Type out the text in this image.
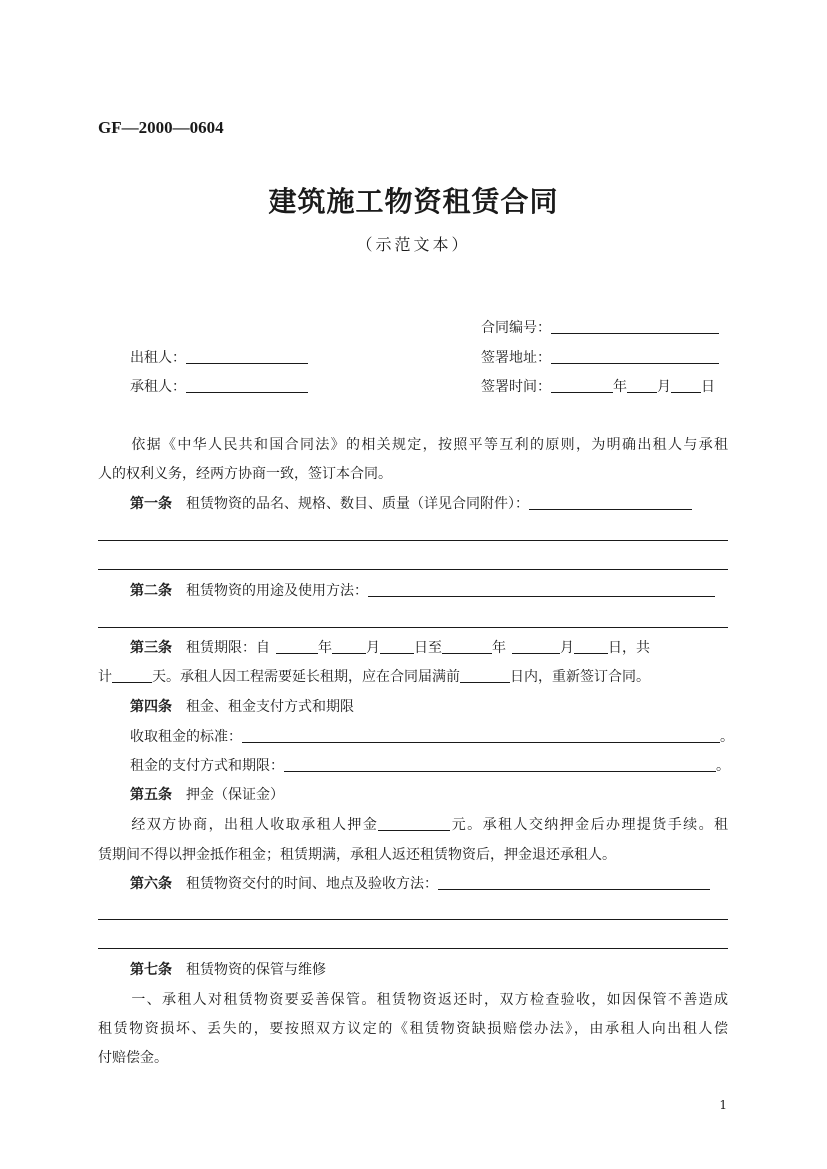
GF—2000—0604
建筑施工物资租赁合同
（示范文本）
合同编号：
出租人：	签署地址：
承租人：	签署时间：	年 月 日
依据《中华人民共和国合同法》的相关规定，按照平等互利的原则，为明确出租人与承租
人的权利义务，经两方协商一致，签订本合同。
第一条 租赁物资的品名、规格、数目、质量（详见合同附件）：
第二条 租赁物资的用途及使用方法：
第三条 租赁期限：自	年 月 日至	年	月 日，共
计	天。承租人因工程需要延长租期，应在合同届满前	日内，重新签订合同。
第四条 租金、租金支付方式和期限
收取租金的标准：	。
租金的支付方式和期限：	。
第五条 押金（保证金）
经双方协商，出租人收取承租人押金	元。承租人交纳押金后办理提货手续。租
赁期间不得以押金抵作租金；租赁期满，承租人返还租赁物资后，押金退还承租人。
第六条 租赁物资交付的时间、地点及验收方法：
第七条 租赁物资的保管与维修
一、承租人对租赁物资要妥善保管。租赁物资返还时，双方检查验收，如因保管不善造成
租赁物资损坏、丢失的，要按照双方议定的《租赁物资缺损赔偿办法》，由承租人向出租人偿
付赔偿金。
1
